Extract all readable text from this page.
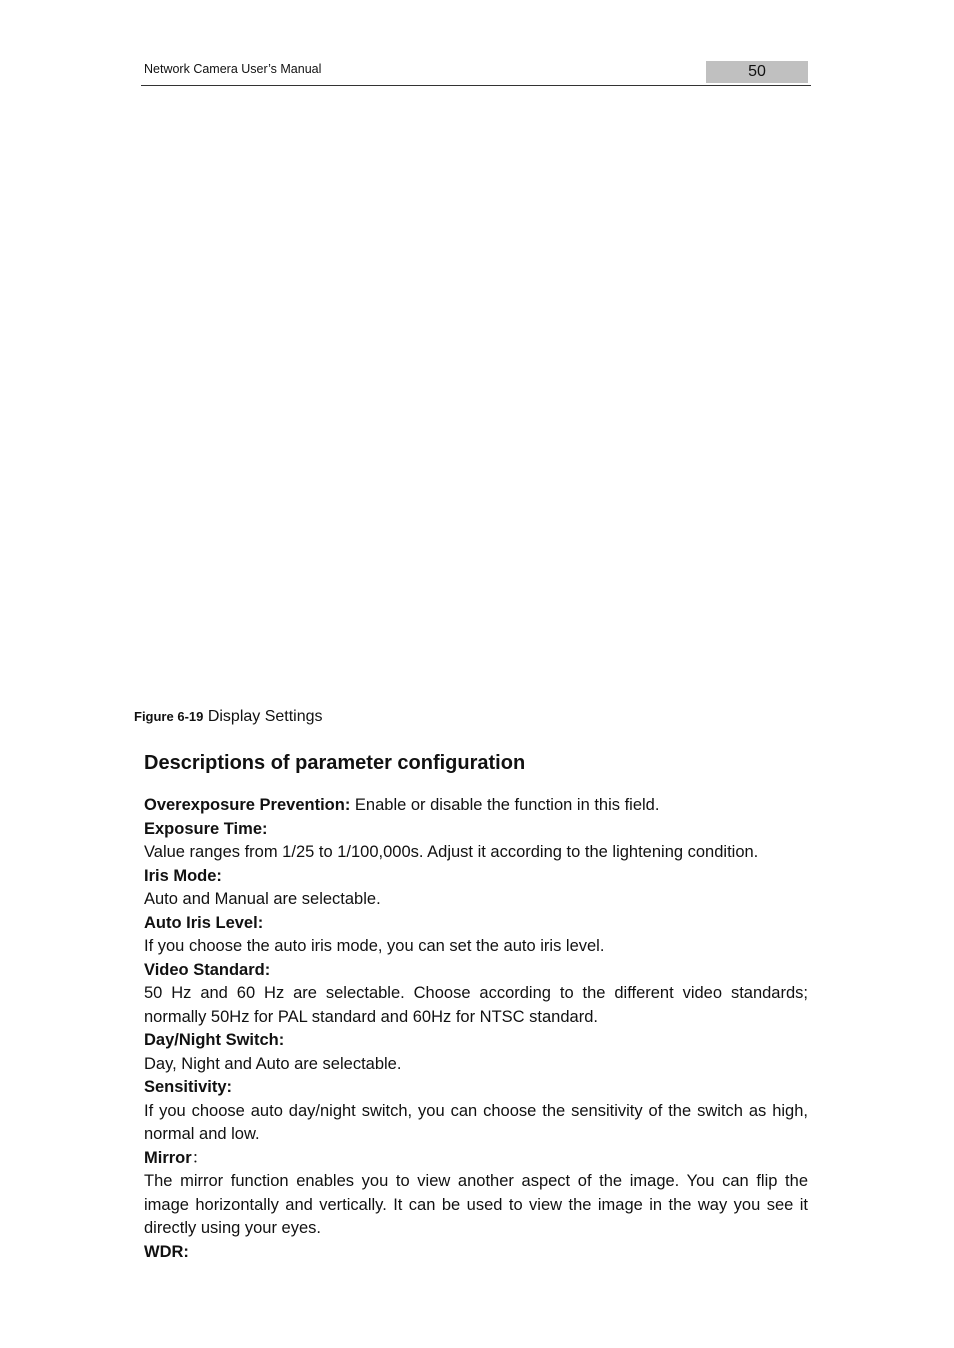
Network Camera User’s Manual	50
Figure 6-19 Display Settings
Descriptions of parameter configuration

Overexposure Prevention: Enable or disable the function in this field.

Exposure Time:

Value ranges from 1/25 to 1/100,000s. Adjust it according to the lightening condition.

Iris Mode:

Auto and Manual are selectable.

Auto Iris Level:

If you choose the auto iris mode, you can set the auto iris level.

Video Standard:

50 Hz and 60 Hz are selectable. Choose according to the different video standards; normally 50Hz for PAL standard and 60Hz for NTSC standard.

Day/Night Switch:

Day, Night and Auto are selectable.

Sensitivity:

If you choose auto day/night switch, you can choose the sensitivity of the switch as high, normal and low.

Mirror：

The mirror function enables you to view another aspect of the image. You can flip the image horizontally and vertically. It can be used to view the image in the way you see it directly using your eyes.

WDR:
